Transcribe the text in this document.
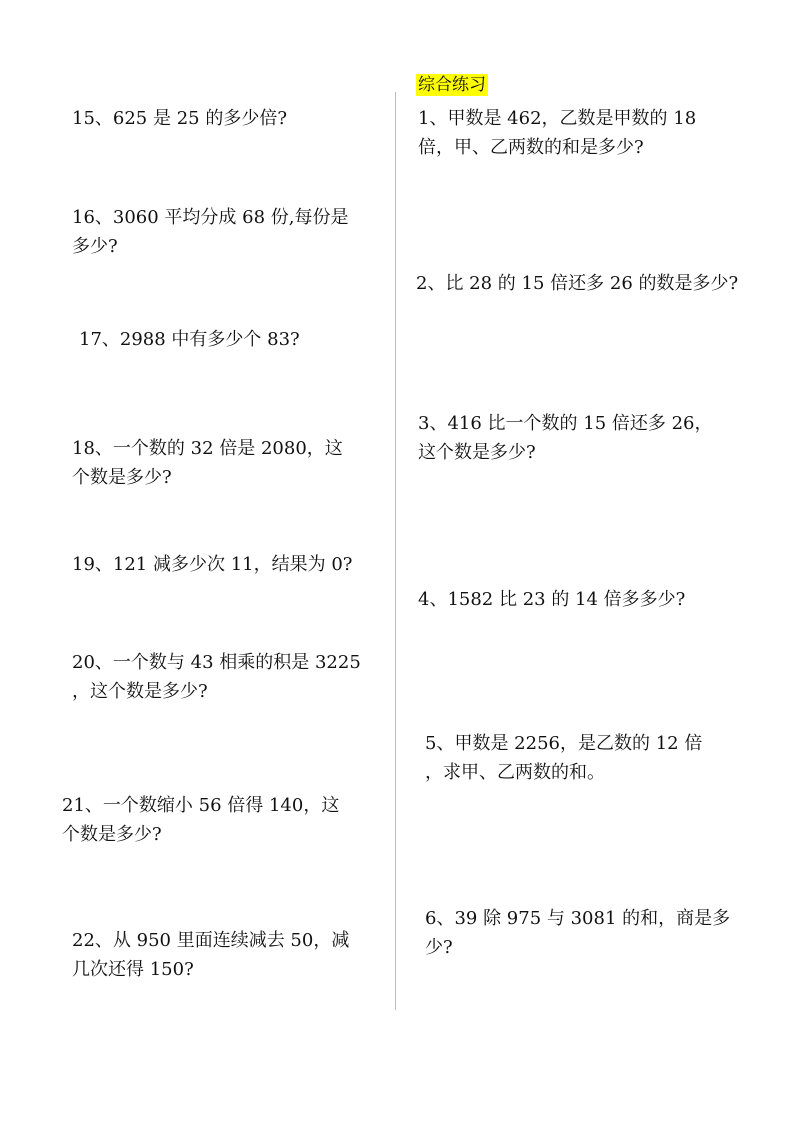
综合练习
15、625 是 25 的多少倍?
16、3060 平均分成 68 份,每份是
多少?
17、2988 中有多少个 83?
18、一个数的 32 倍是 2080，这
个数是多少?
19、121 减多少次 11，结果为 0?
20、一个数与 43 相乘的积是 3225
，这个数是多少?
21、一个数缩小 56 倍得 140，这
个数是多少?
22、从 950 里面连续减去 50，减
几次还得 150?
1、甲数是 462，乙数是甲数的 18
倍，甲、乙两数的和是多少?
2、比 28 的 15 倍还多 26 的数是多少?
3、416 比一个数的 15 倍还多 26，
这个数是多少?
4、1582 比 23 的 14 倍多多少?
5、甲数是 2256，是乙数的 12 倍
，求甲、乙两数的和。
6、39 除 975 与 3081 的和，商是多
少?
